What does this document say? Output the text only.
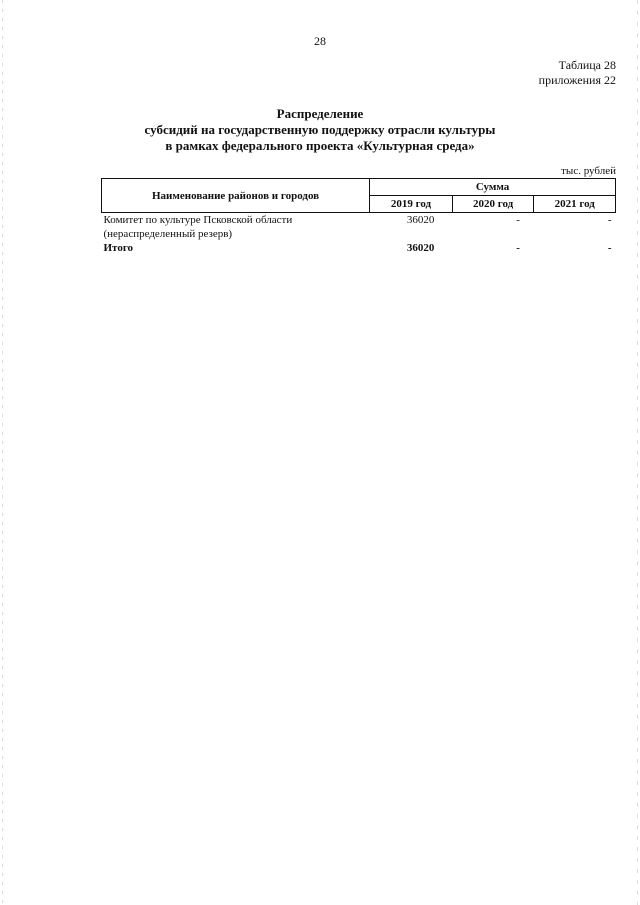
28
Таблица 28
приложения 22
Распределение
субсидий на государственную поддержку отрасли культуры
в рамках федерального проекта «Культурная среда»
тыс. рублей
Наименование районов и городов	Сумма		
	2019 год	2020 год	2021 год

Комитет по культуре Псковской области
(нераспределенный резерв)	36020	-	-
Итого	36020	-	-
